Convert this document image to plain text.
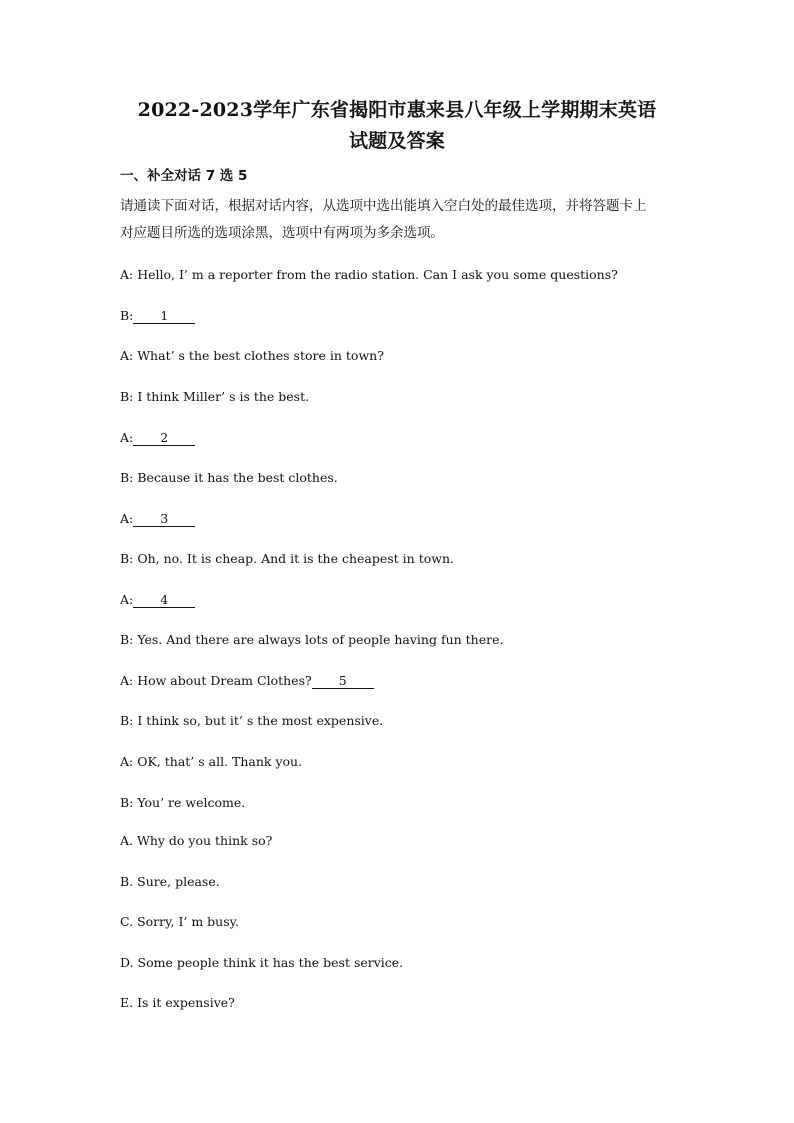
2022-2023学年广东省揭阳市惠来县八年级上学期期末英语
试题及答案
一、补全对话 7 选 5
请通读下面对话，根据对话内容，从选项中选出能填入空白处的最佳选项，并将答题卡上
对应题目所选的选项涂黑，选项中有两项为多余选项。
A: Hello, I’ m a reporter from the radio station. Can I ask you some questions?
B: 1
A: What’ s the best clothes store in town?
B: I think Miller’ s is the best.
A: 2
B: Because it has the best clothes.
A: 3
B: Oh, no. It is cheap. And it is the cheapest in town.
A: 4
B: Yes. And there are always lots of people having fun there.
A: How about Dream Clothes? 5
B: I think so, but it’ s the most expensive.
A: OK, that’ s all. Thank you.
B: You’ re welcome.
A. Why do you think so?
B. Sure, please.
C. Sorry, I’ m busy.
D. Some people think it has the best service.
E. Is it expensive?
